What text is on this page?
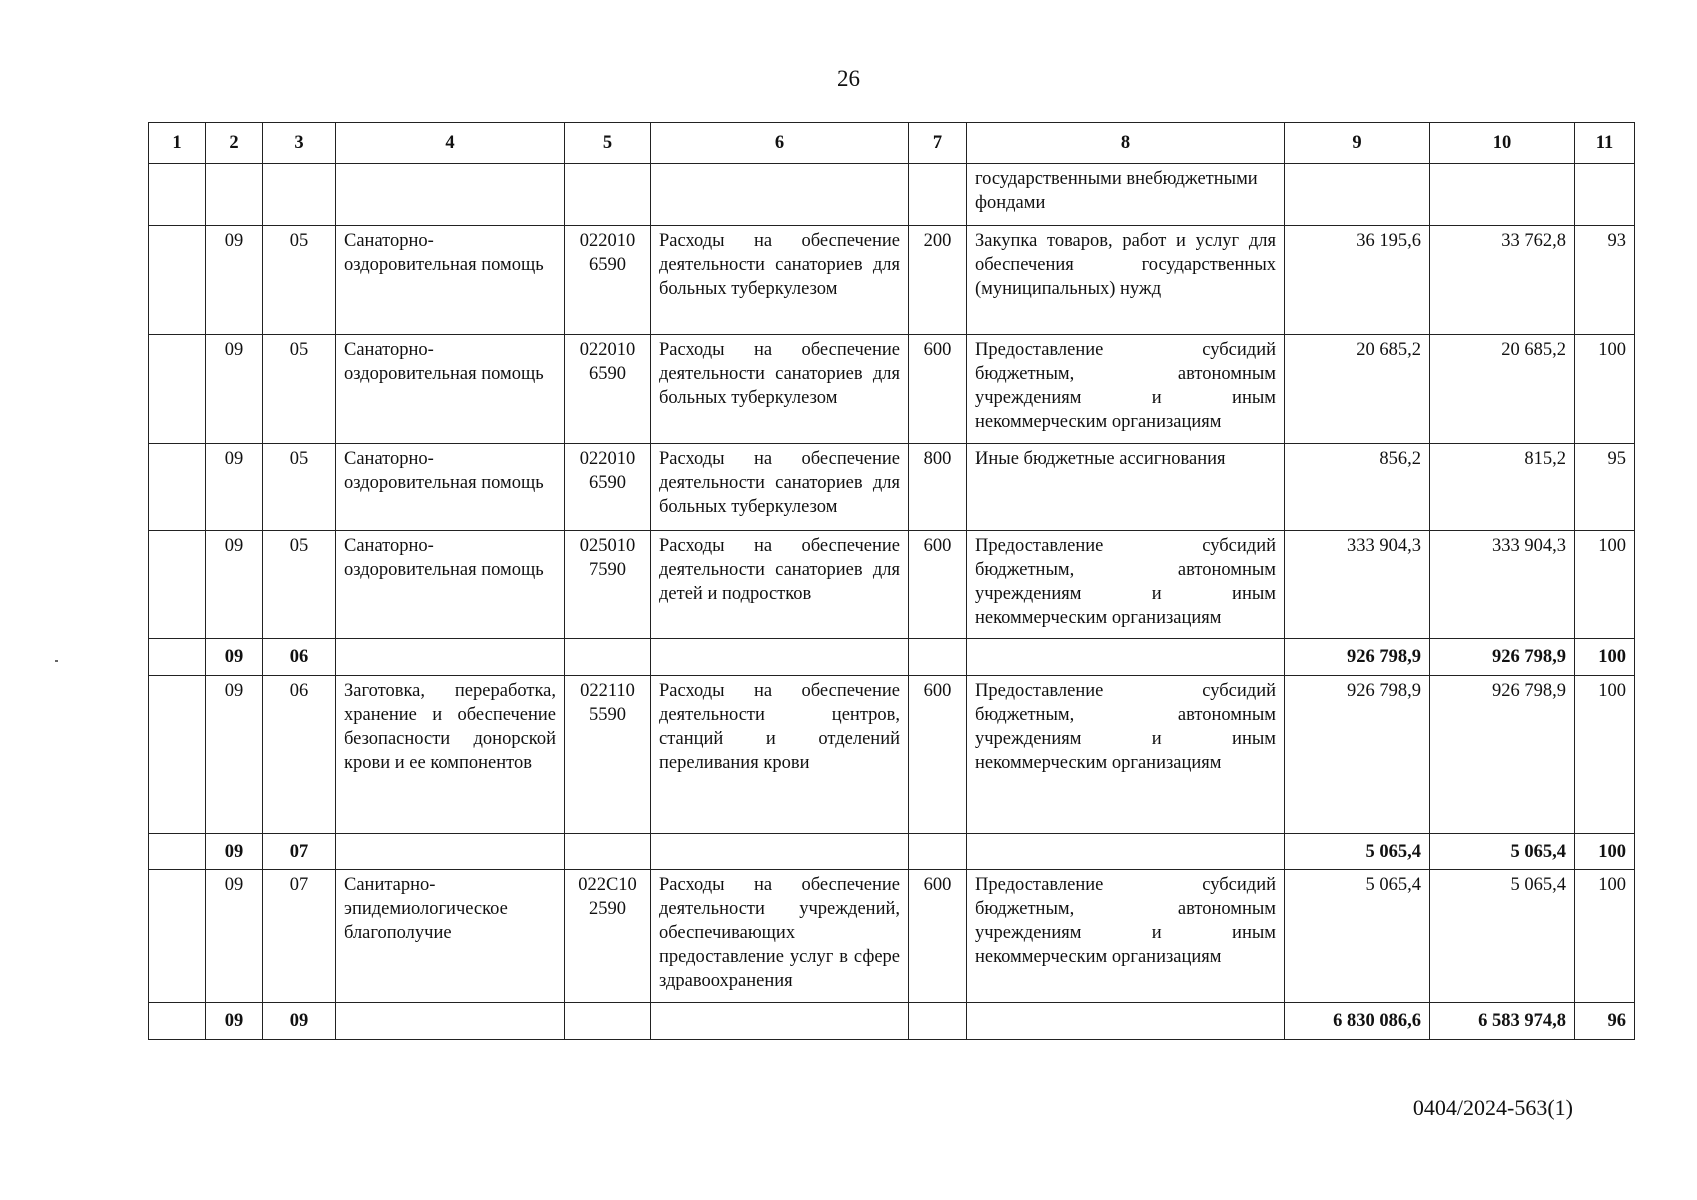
26
1	2	3	4	5	6	7	8	9	10	11
							государственными внебюджетными фондами			
	09	05	Санаторно-оздоровительная помощь	022010 6590	Расходы на обеспечение деятельности санаториев для больных туберкулезом	200	Закупка товаров, работ и услуг для обеспечения государственных (муниципальных) нужд	36 195,6	33 762,8	93
	09	05	Санаторно-оздоровительная помощь	022010 6590	Расходы на обеспечение деятельности санаториев для больных туберкулезом	600	Предоставление субсидий бюджетным, автономным учреждениям и иным некоммерческим организациям	20 685,2	20 685,2	100
	09	05	Санаторно-оздоровительная помощь	022010 6590	Расходы на обеспечение деятельности санаториев для больных туберкулезом	800	Иные бюджетные ассигнования	856,2	815,2	95
	09	05	Санаторно-оздоровительная помощь	025010 7590	Расходы на обеспечение деятельности санаториев для детей и подростков	600	Предоставление субсидий бюджетным, автономным учреждениям и иным некоммерческим организациям	333 904,3	333 904,3	100
	09	06						926 798,9	926 798,9	100
	09	06	Заготовка, переработка, хранение и обеспечение безопасности донорской крови и ее компонентов	022110 5590	Расходы на обеспечение деятельности центров, станций и отделений переливания крови	600	Предоставление субсидий бюджетным, автономным учреждениям и иным некоммерческим организациям	926 798,9	926 798,9	100
	09	07						5 065,4	5 065,4	100
	09	07	Санитарно-эпидемиологическое благополучие	022С10 2590	Расходы на обеспечение деятельности учреждений, обеспечивающих предоставление услуг в сфере здравоохранения	600	Предоставление субсидий бюджетным, автономным учреждениям и иным некоммерческим организациям	5 065,4	5 065,4	100
	09	09						6 830 086,6	6 583 974,8	96
0404/2024-563(1)
